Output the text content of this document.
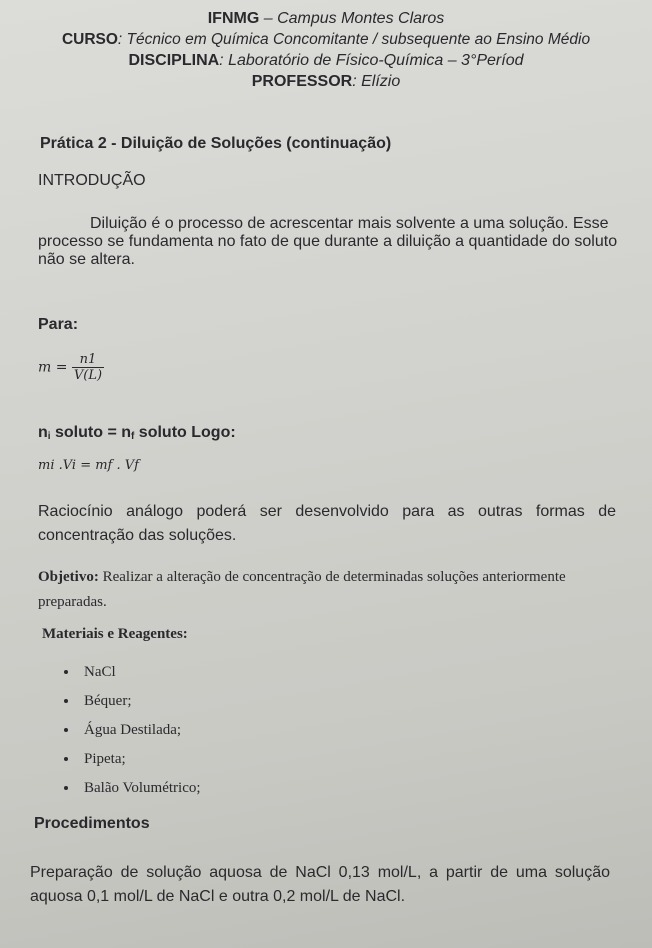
IFNMG – Campus Montes Claros
CURSO: Técnico em Química Concomitante / subsequente ao Ensino Médio
DISCIPLINA: Laboratório de Físico-Química – 3°Períod
PROFESSOR: Elízio
Prática 2 - Diluição de Soluções (continuação)
INTRODUÇÃO
Diluição é o processo de acrescentar mais solvente a uma solução. Esse processo se fundamenta no fato de que durante a diluição a quantidade do soluto não se altera.
Para:
$m = \frac{n1}{V(L)}$
$n_i$ soluto = $n_f$ soluto Logo:
mi .Vi = mf . Vf
Raciocínio análogo poderá ser desenvolvido para as outras formas de concentração das soluções.
Objetivo: Realizar a alteração de concentração de determinadas soluções anteriormente preparadas.
Materiais e Reagentes:
NaCl
Béquer;
Água Destilada;
Pipeta;
Balão Volumétrico;
Procedimentos
Preparação de solução aquosa de NaCl 0,13 mol/L, a partir de uma solução aquosa 0,1 mol/L de NaCl e outra 0,2 mol/L de NaCl.
